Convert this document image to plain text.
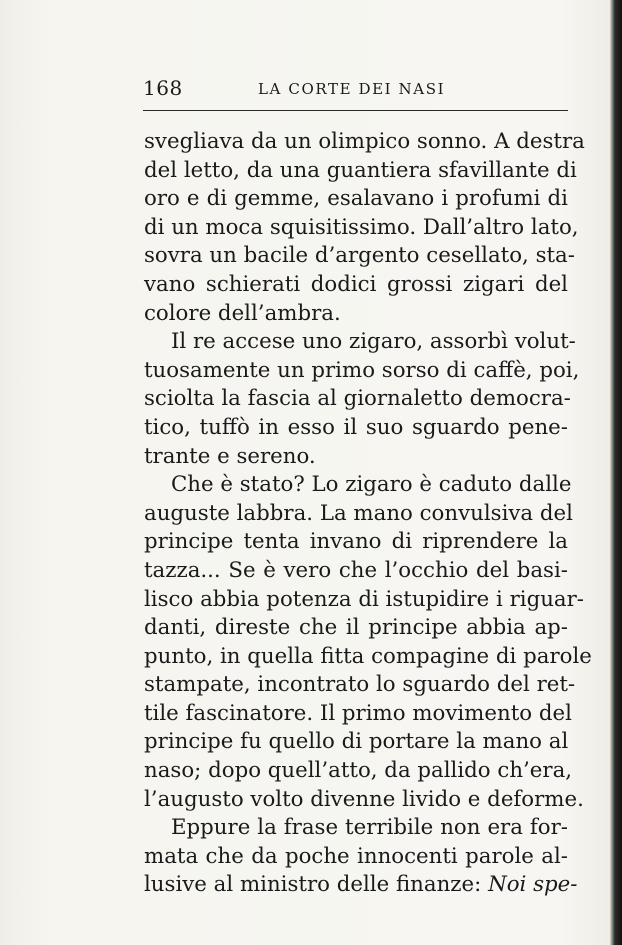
168	LA CORTE DEI NASI
svegliava da un olimpico sonno. A destra
del letto, da una guantiera sfavillante di
oro e di gemme, esalavano i profumi di
di un moca squisitissimo. Dall’altro lato,
sovra un bacile d’argento cesellato, sta-
vano schierati dodici grossi zigari del
colore dell’ambra.
Il re accese uno zigaro, assorbì volut-
tuosamente un primo sorso di caffè, poi,
sciolta la fascia al giornaletto democra-
tico, tuffò in esso il suo sguardo pene-
trante e sereno.
Che è stato? Lo zigaro è caduto dalle
auguste labbra. La mano convulsiva del
principe tenta invano di riprendere la
tazza... Se è vero che l’occhio del basi-
lisco abbia potenza di istupidire i riguar-
danti, direste che il principe abbia ap-
punto, in quella fitta compagine di parole
stampate, incontrato lo sguardo del ret-
tile fascinatore. Il primo movimento del
principe fu quello di portare la mano al
naso; dopo quell’atto, da pallido ch’era,
l’augusto volto divenne livido e deforme.
Eppure la frase terribile non era for-
mata che da poche innocenti parole al-
lusive al ministro delle finanze: Noi spe-
